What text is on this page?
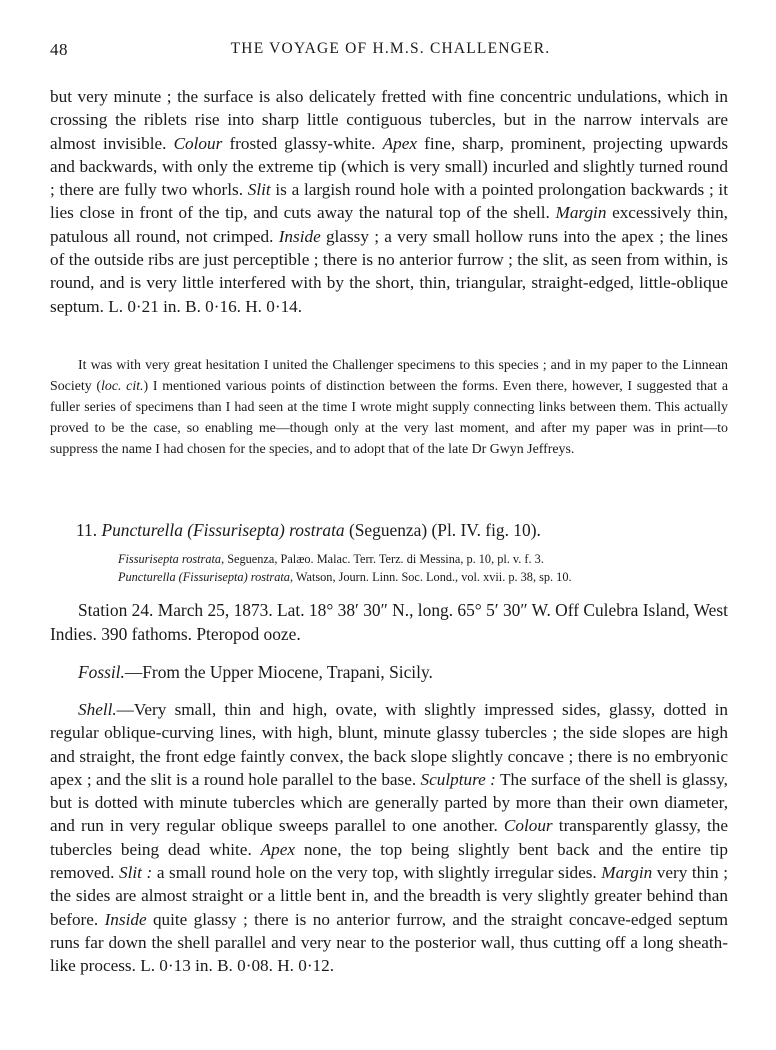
48	THE VOYAGE OF H.M.S. CHALLENGER.

but very minute ; the surface is also delicately fretted with fine concentric undulations, which in crossing the riblets rise into sharp little contiguous tubercles, but in the narrow intervals are almost invisible. Colour frosted glassy-white. Apex fine, sharp, prominent, projecting upwards and backwards, with only the extreme tip (which is very small) incurled and slightly turned round ; there are fully two whorls. Slit is a largish round hole with a pointed prolongation backwards ; it lies close in front of the tip, and cuts away the natural top of the shell. Margin excessively thin, patulous all round, not crimped. Inside glassy ; a very small hollow runs into the apex ; the lines of the outside ribs are just perceptible ; there is no anterior furrow ; the slit, as seen from within, is round, and is very little interfered with by the short, thin, triangular, straight-edged, little-oblique septum. L. 0·21 in. B. 0·16. H. 0·14.

It was with very great hesitation I united the Challenger specimens to this species ; and in my paper to the Linnean Society (loc. cit.) I mentioned various points of distinction between the forms. Even there, however, I suggested that a fuller series of specimens than I had seen at the time I wrote might supply connecting links between them. This actually proved to be the case, so enabling me—though only at the very last moment, and after my paper was in print—to suppress the name I had chosen for the species, and to adopt that of the late Dr Gwyn Jeffreys.

11. Puncturella (Fissurisepta) rostrata (Seguenza) (Pl. IV. fig. 10).

Fissurisepta rostrata, Seguenza, Palæo. Malac. Terr. Terz. di Messina, p. 10, pl. v. f. 3.
Puncturella (Fissurisepta) rostrata, Watson, Journ. Linn. Soc. Lond., vol. xvii. p. 38, sp. 10.

Station 24. March 25, 1873. Lat. 18° 38′ 30″ N., long. 65° 5′ 30″ W. Off Culebra Island, West Indies. 390 fathoms. Pteropod ooze.

Fossil.—From the Upper Miocene, Trapani, Sicily.

Shell.—Very small, thin and high, ovate, with slightly impressed sides, glassy, dotted in regular oblique-curving lines, with high, blunt, minute glassy tubercles ; the side slopes are high and straight, the front edge faintly convex, the back slope slightly concave ; there is no embryonic apex ; and the slit is a round hole parallel to the base. Sculpture : The surface of the shell is glassy, but is dotted with minute tubercles which are generally parted by more than their own diameter, and run in very regular oblique sweeps parallel to one another. Colour transparently glassy, the tubercles being dead white. Apex none, the top being slightly bent back and the entire tip removed. Slit : a small round hole on the very top, with slightly irregular sides. Margin very thin ; the sides are almost straight or a little bent in, and the breadth is very slightly greater behind than before. Inside quite glassy ; there is no anterior furrow, and the straight concave-edged septum runs far down the shell parallel and very near to the posterior wall, thus cutting off a long sheath-like process. L. 0·13 in. B. 0·08. H. 0·12.
